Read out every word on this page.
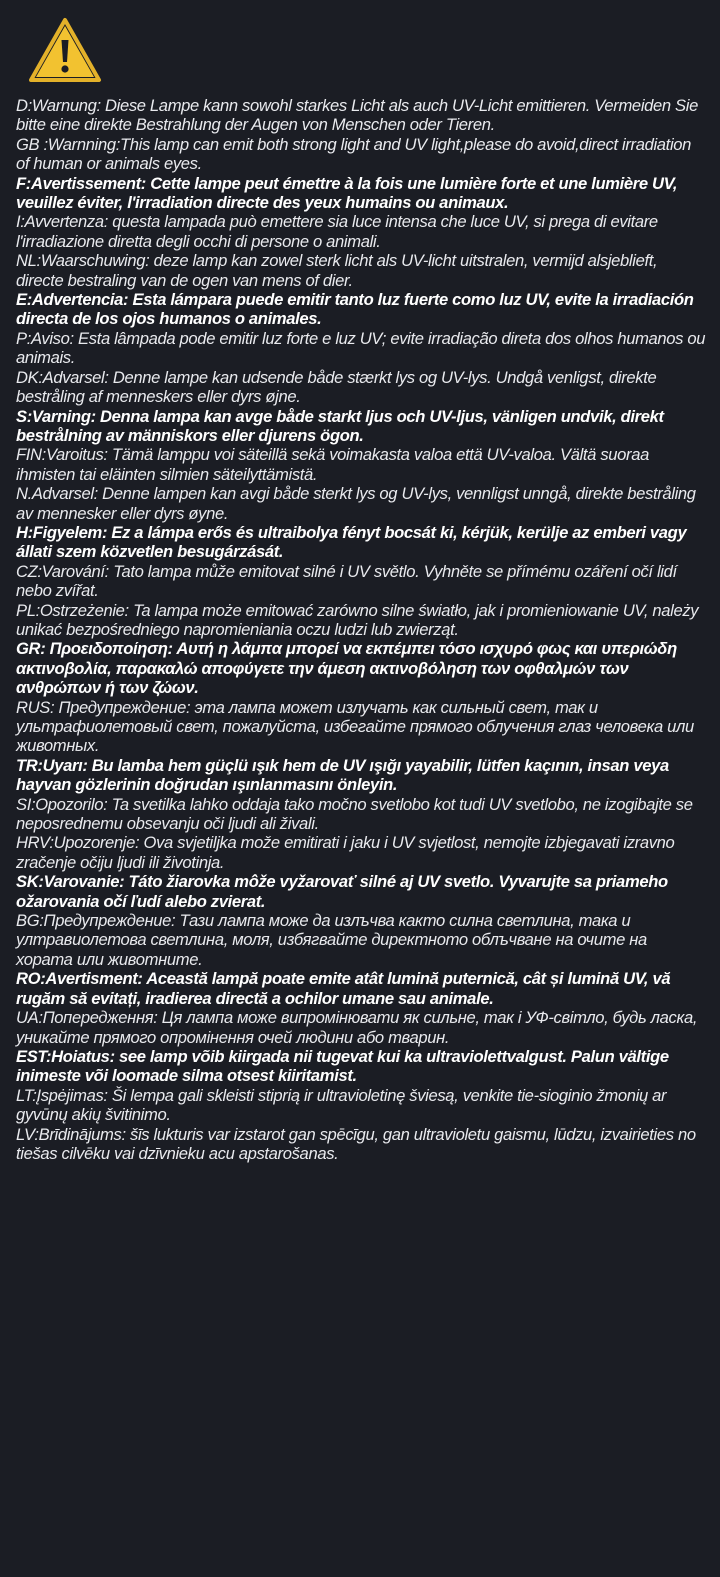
D:Warnung: Diese Lampe kann sowohl starkes Licht als auch UV-Licht emittieren. Vermeiden Sie bitte eine direkte Bestrahlung der Augen von Menschen oder Tieren.

GB :Warnning:This lamp can emit both strong light and UV light,please do avoid,direct irradiation of human or animals eyes.

F:Avertissement: Cette lampe peut émettre à la fois une lumière forte et une lumière UV, veuillez éviter, l'irradiation directe des yeux humains ou animaux.

I:Avvertenza: questa lampada può emettere sia luce intensa che luce UV, si prega di evitare l'irradiazione diretta degli occhi di persone o animali.

NL:Waarschuwing: deze lamp kan zowel sterk licht als UV-licht uitstralen, vermijd alsjeblieft, directe bestraling van de ogen van mens of dier.

E:Advertencia: Esta lámpara puede emitir tanto luz fuerte como luz UV, evite la irradiación directa de los ojos humanos o animales.

P:Aviso: Esta lâmpada pode emitir luz forte e luz UV; evite irradiação direta dos olhos humanos ou animais.

DK:Advarsel: Denne lampe kan udsende både stærkt lys og UV-lys. Undgå venligst, direkte bestråling af menneskers eller dyrs øjne.

S:Varning: Denna lampa kan avge både starkt ljus och UV-ljus, vänligen undvik, direkt bestrålning av människors eller djurens ögon.

FIN:Varoitus: Tämä lamppu voi säteillä sekä voimakasta valoa että UV-valoa. Vältä suoraa ihmisten tai eläinten silmien säteilyttämistä.

N.Advarsel: Denne lampen kan avgi både sterkt lys og UV-lys, vennligst unngå, direkte bestråling av mennesker eller dyrs øyne.

H:Figyelem: Ez a lámpa erős és ultraibolya fényt bocsát ki, kérjük, kerülje az emberi vagy állati szem közvetlen besugárzását.

CZ:Varování: Tato lampa může emitovat silné i UV světlo. Vyhněte se přímému ozáření očí lidí nebo zvířat.

PL:Ostrzeżenie: Ta lampa może emitować zarówno silne światło, jak i promieniowanie UV, należy unikać bezpośredniego napromieniania oczu ludzi lub zwierząt.

GR: Προειδοποίηση: Αυτή η λάμπα μπορεί να εκπέμπει τόσο ισχυρό φως και υπεριώδη ακτινοβολία, παρακαλώ αποφύγετε την άμεση ακτινοβόληση των οφθαλμών των ανθρώπων ή των ζώων.

RUS: Предупреждение: эта лампа может излучать как сильный свет, так и ультрафиолетовый свет, пожалуйста, избегайте прямого облучения глаз человека или животных.

TR:Uyarı: Bu lamba hem güçlü ışık hem de UV ışığı yayabilir, lütfen kaçının, insan veya hayvan gözlerinin doğrudan ışınlanmasını önleyin.

SI:Opozorilo: Ta svetilka lahko oddaja tako močno svetlobo kot tudi UV svetlobo, ne izogibajte se neposrednemu obsevanju oči ljudi ali živali.

HRV:Upozorenje: Ova svjetiljka može emitirati i jaku i UV svjetlost, nemojte izbjegavati izravno zračenje očiju ljudi ili životinja.

SK:Varovanie: Táto žiarovka môže vyžarovať silné aj UV svetlo. Vyvarujte sa priameho ožarovania očí ľudí alebo zvierat.

BG:Предупреждение: Тази лампа може да излъчва както силна светлина, така и ултравиолетова светлина, моля, избягвайте директното облъчване на очите на хората или животните.

RO:Avertisment: Această lampă poate emite atât lumină puternică, cât și lumină UV, vă rugăm să evitați, iradierea directă a ochilor umane sau animale.

UA:Попередження: Ця лампа може випромінювати як сильне, так і УФ-світло, будь ласка, уникайте прямого опромінення очей людини або тварин.

EST:Hoiatus: see lamp võib kiirgada nii tugevat kui ka ultraviolettvalgust. Palun vältige inimeste või loomade silma otsest kiiritamist.

LT:Įspėjimas: Ši lempa gali skleisti stiprią ir ultravioletinę šviesą, venkite tie-sioginio žmonių ar gyvūnų akių švitinimo.

LV:Brīdinājums: šīs lukturis var izstarot gan spēcīgu, gan ultravioletu gaismu, lūdzu, izvairieties no tiešas cilvēku vai dzīvnieku acu apstarošanas.
